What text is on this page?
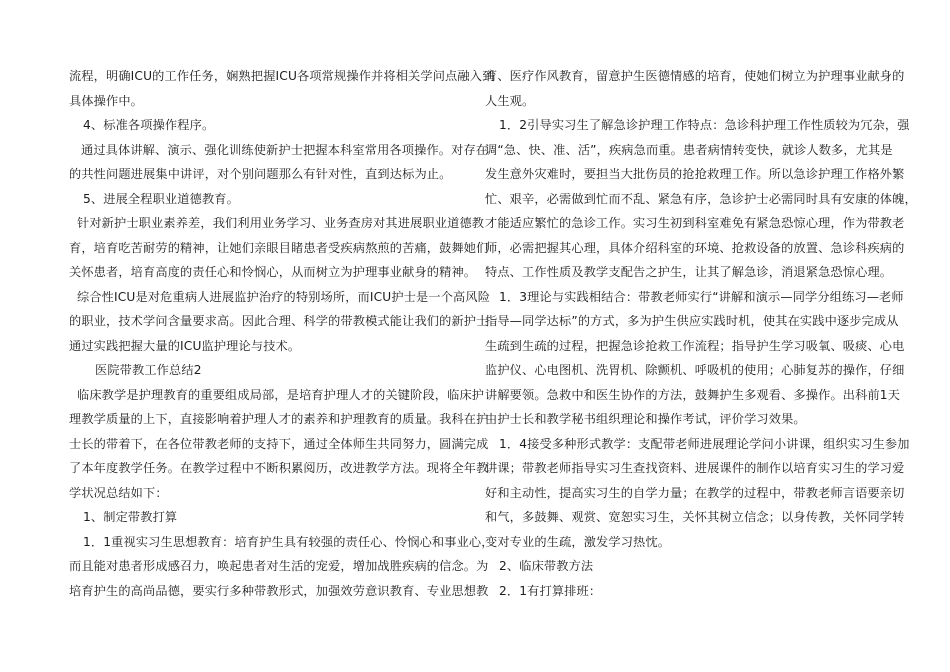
流程，明确ICU的工作任务，娴熟把握ICU各项常规操作并将相关学问点融入到
具体操作中。
4、标准各项操作程序。
通过具体讲解、演示、强化训练使新护士把握本科室常用各项操作。对存在
的共性问题进展集中讲评，对个别问题那么有针对性，直到达标为止。
5、进展全程职业道德教育。
针对新护士职业素养差，我们利用业务学习、业务查房对其进展职业道德教
育，培育吃苦耐劳的精神，让她们亲眼目睹患者受疾病熬煎的苦痛，鼓舞她们
关怀患者，培育高度的责任心和怜悯心，从而树立为护理事业献身的精神。
综合性ICU是对危重病人进展监护治疗的特别场所，而ICU护士是一个高风险
的职业，技术学问含量要求高。因此合理、科学的带教模式能让我们的新护士
通过实践把握大量的ICU监护理论与技术。
医院带教工作总结2
临床教学是护理教育的重要组成局部，是培育护理人才的关键阶段，临床护
理教学质量的上下，直接影响着护理人才的素养和护理教育的质量。我科在护
士长的带着下，在各位带教老师的支持下，通过全体师生共同努力，圆满完成
了本年度教学任务。在教学过程中不断积累阅历，改进教学方法。现将全年教
学状况总结如下：
1、制定带教打算
1．1重视实习生思想教育：培育护生具有较强的责任心、怜悯心和事业心，
而且能对患者形成感召力，唤起患者对生活的宠爱，增加战胜疾病的信念。为
培育护生的高尚品德，要实行多种带教形式，加强效劳意识教育、专业思想教
育、医疗作风教育，留意护生医德情感的培育，使她们树立为护理事业献身的
人生观。
1．2引导实习生了解急诊护理工作特点：急诊科护理工作性质较为冗杂，强
调“急、快、准、活”，疾病急而重。患者病情转变快，就诊人数多，尤其是
发生意外灾难时，要担当大批伤员的抢抢救理工作。所以急诊护理工作格外繁
忙、艰辛，必需做到忙而不乱、紧急有序，急诊护士必需同时具有安康的体魄，
才能适应繁忙的急诊工作。实习生初到科室难免有紧急恐惊心理，作为带教老
师，必需把握其心理，具体介绍科室的环境、抢救设备的放置、急诊科疾病的
特点、工作性质及教学支配告之护生，让其了解急诊，消退紧急恐惊心理。
1．3理论与实践相结合：带教老师实行“讲解和演示—同学分组练习—老师
指导—同学达标”的方式，多为护生供应实践时机，使其在实践中逐步完成从
生疏到生疏的过程，把握急诊抢救工作流程；指导护生学习吸氧、吸痰、心电
监护仪、心电图机、洗胃机、除颤机、呼吸机的使用；心肺复苏的操作，仔细
讲解要领。急救中和医生协作的方法，鼓舞护生多观看、多操作。出科前1天
由护士长和教学秘书组织理论和操作考试，评价学习效果。
1．4接受多种形式教学：支配带老师进展理论学问小讲课，组织实习生参加
讲课；带教老师指导实习生查找资料、进展课件的制作以培育实习生的学习爱
好和主动性，提高实习生的自学力量；在教学的过程中，带教老师言语要亲切
和气，多鼓舞、观赏、宽恕实习生，关怀其树立信念；以身传教，关怀同学转
变对专业的生疏，激发学习热忱。
2、临床带教方法
2．1有打算排班：
